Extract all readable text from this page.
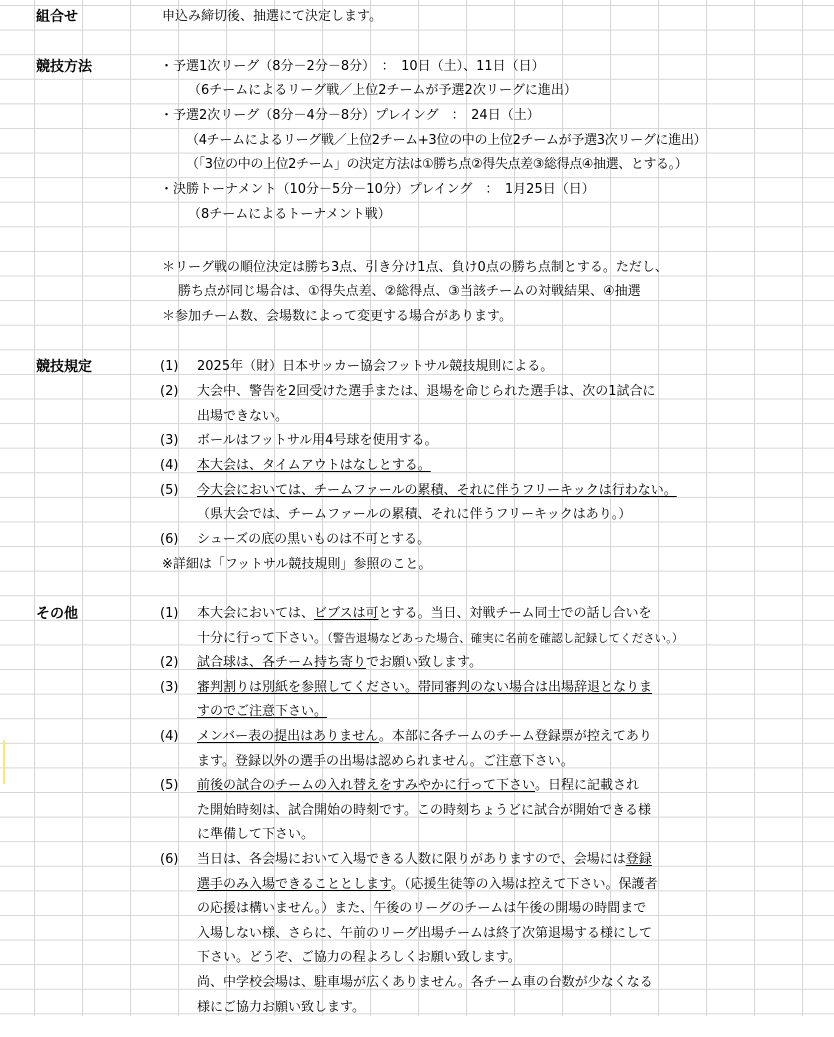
組合せ	申込み締切後、抽選にて決定します。
競技方法	・予選1次リーグ（8分－2分－8分）　：　10日（土）、11日（日）
（6チームによるリーグ戦／上位2チームが予選2次リーグに進出）
・予選2次リーグ（8分－4分－8分）プレイング　：　24日（土）
（4チームによるリーグ戦／上位2チーム+3位の中の上位2チームが予選3次リーグに進出）
（「3位の中の上位2チーム」の決定方法は①勝ち点②得失点差③総得点④抽選、とする。）
・決勝トーナメント（10分－5分－10分）プレイング　：　1月25日（日）
（8チームによるトーナメント戦）
＊リーグ戦の順位決定は勝ち3点、引き分け1点、負け0点の勝ち点制とする。ただし、
勝ち点が同じ場合は、①得失点差、②総得点、③当該チームの対戦結果、④抽選
＊参加チーム数、会場数によって変更する場合があります。
競技規定	(1) 2025年（財）日本サッカー協会フットサル競技規則による。
(2) 大会中、警告を2回受けた選手または、退場を命じられた選手は、次の1試合に
出場できない。
(3) ボールはフットサル用4号球を使用する。
(4) 本大会は、タイムアウトはなしとする。
(5) 今大会においては、チームファールの累積、それに伴うフリーキックは行わない。
（県大会では、チームファールの累積、それに伴うフリーキックはあり。）
(6) シューズの底の黒いものは不可とする。
※詳細は「フットサル競技規則」参照のこと。
その他	(1) 本大会においては、ビブスは可とする。当日、対戦チーム同士での話し合いを
十分に行って下さい。（警告退場などあった場合、確実に名前を確認し記録してください。）
(2) 試合球は、各チーム持ち寄りでお願い致します。
(3) 審判割りは別紙を参照してください。帯同審判のない場合は出場辞退となりま
すのでご注意下さい。
(4) メンバー表の提出はありません。本部に各チームのチーム登録票が控えてあり
ます。登録以外の選手の出場は認められません。ご注意下さい。
(5) 前後の試合のチームの入れ替えをすみやかに行って下さい。日程に記載され
た開始時刻は、試合開始の時刻です。この時刻ちょうどに試合が開始できる様
に準備して下さい。
(6) 当日は、各会場において入場できる人数に限りがありますので、会場には登録
選手のみ入場できることとします。（応援生徒等の入場は控えて下さい。保護者
の応援は構いません。）また、午後のリーグのチームは午後の開場の時間まで
入場しない様、さらに、午前のリーグ出場チームは終了次第退場する様にして
下さい。どうぞ、ご協力の程よろしくお願い致します。
尚、中学校会場は、駐車場が広くありません。各チーム車の台数が少なくなる
様にご協力お願い致します。
